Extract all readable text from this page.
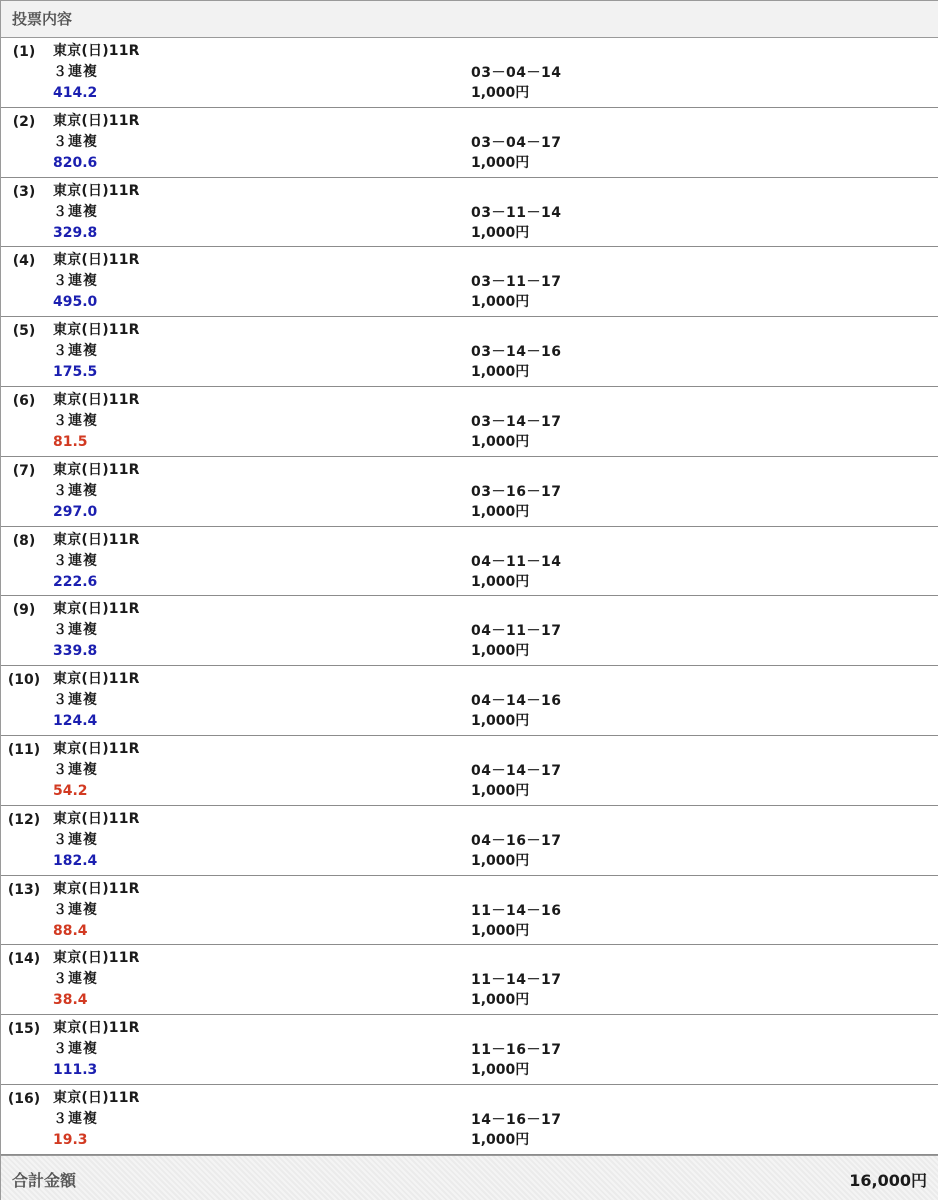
投票内容
(1)	東京(日)11R
３連複
414.2
03－04－14
1,000円
(2)	東京(日)11R
３連複
820.6
03－04－17
1,000円
(3)	東京(日)11R
３連複
329.8
03－11－14
1,000円
(4)	東京(日)11R
３連複
495.0
03－11－17
1,000円
(5)	東京(日)11R
３連複
175.5
03－14－16
1,000円
(6)	東京(日)11R
３連複
81.5
03－14－17
1,000円
(7)	東京(日)11R
３連複
297.0
03－16－17
1,000円
(8)	東京(日)11R
３連複
222.6
04－11－14
1,000円
(9)	東京(日)11R
３連複
339.8
04－11－17
1,000円
(10) 東京(日)11R
３連複
124.4
04－14－16
1,000円
(11) 東京(日)11R
３連複
54.2
04－14－17
1,000円
(12) 東京(日)11R
３連複
182.4
04－16－17
1,000円
(13) 東京(日)11R
３連複
88.4
11－14－16
1,000円
(14) 東京(日)11R
３連複
38.4
11－14－17
1,000円
(15) 東京(日)11R
３連複
111.3
11－16－17
1,000円
(16) 東京(日)11R
３連複
19.3
14－16－17
1,000円
合計金額	16,000円
